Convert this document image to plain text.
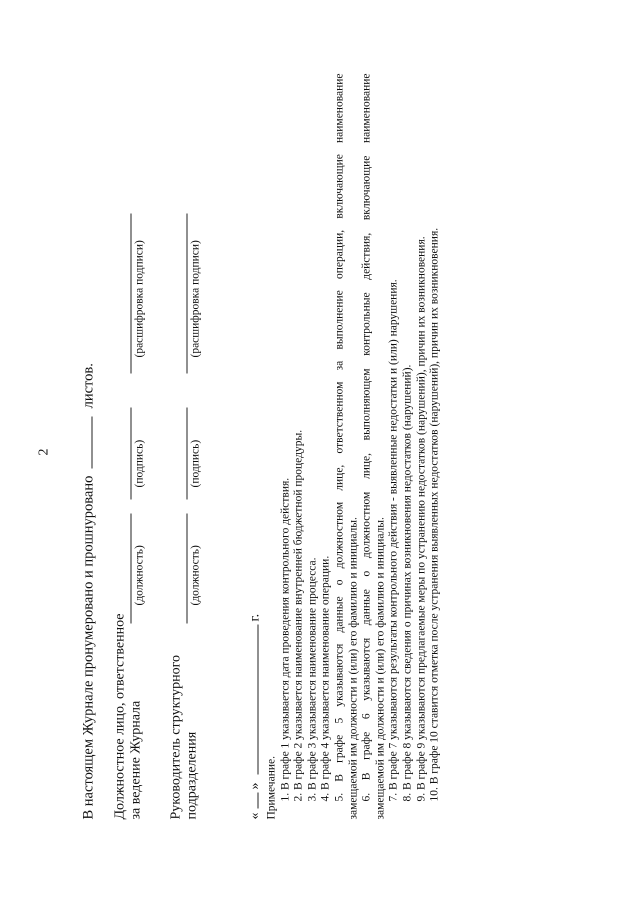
2
В настоящем Журнале пронумеровано и прошнуровано  листов.
Должностное лицо, ответственное за ведение Журнала
(должность)
(подпись)
(расшифровка подписи)
Руководитель структурного подразделения
(должность)
(подпись)
(расшифровка подписи)
«  »  г.

Примечание. 1. В графе 1 указывается дата проведения контрольного действия. 2. В графе 2 указывается наименование внутренней бюджетной процедуры. 3. В графе 3 указывается наименование процесса. 4. В графе 4 указывается наименование операции. 5. В графе 5 указываются данные о должностном лице, ответственном за выполнение операции, включающие наименование замещаемой им должности и (или) его фамилию и инициалы. 6. В графе 6 указываются данные о должностном лице, выполняющем контрольные действия, включающие наименование замещаемой им должности и (или) его фамилию и инициалы. 7. В графе 7 указываются результаты контрольного действия - выявленные недостатки и (или) нарушения. 8. В графе 8 указываются сведения о причинах возникновения недостатков (нарушений). 9. В графе 9 указываются предлагаемые меры по устранению недостатков (нарушений), причин их возникновения. 10. В графе 10 ставится отметка после устранения выявленных недостатков (нарушений), причин их возникновения.
